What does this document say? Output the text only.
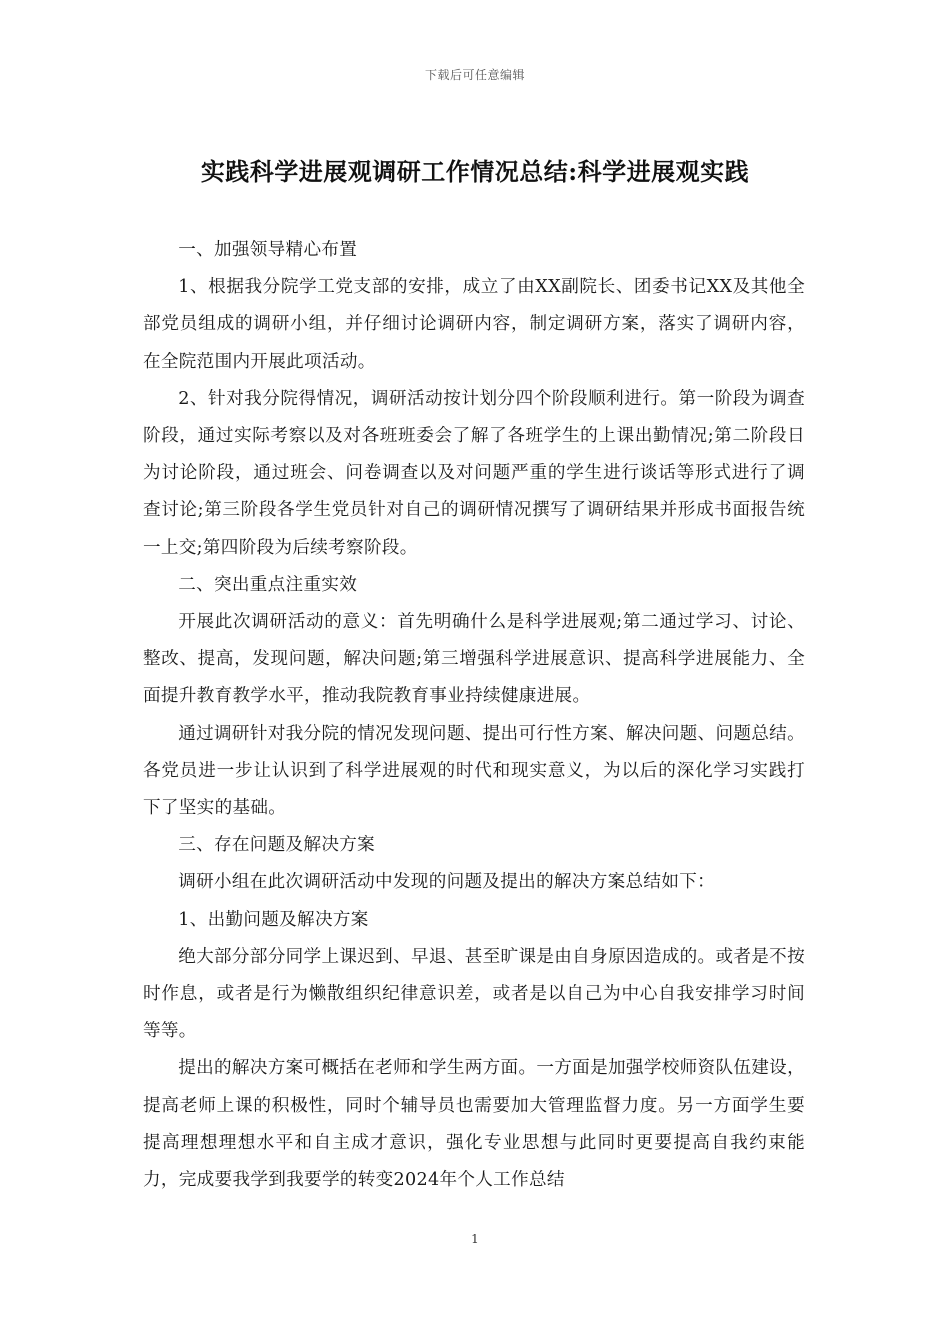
下载后可任意编辑
实践科学进展观调研工作情况总结:科学进展观实践

一、加强领导精心布置

1、根据我分院学工党支部的安排，成立了由XX副院长、团委书记XX及其他全部党员组成的调研小组，并仔细讨论调研内容，制定调研方案，落实了调研内容，在全院范围内开展此项活动。

2、针对我分院得情况，调研活动按计划分四个阶段顺利进行。第一阶段为调查阶段，通过实际考察以及对各班班委会了解了各班学生的上课出勤情况;第二阶段日为讨论阶段，通过班会、问卷调查以及对问题严重的学生进行谈话等形式进行了调查讨论;第三阶段各学生党员针对自己的调研情况撰写了调研结果并形成书面报告统一上交;第四阶段为后续考察阶段。

二、突出重点注重实效

开展此次调研活动的意义：首先明确什么是科学进展观;第二通过学习、讨论、整改、提高，发现问题，解决问题;第三增强科学进展意识、提高科学进展能力、全面提升教育教学水平，推动我院教育事业持续健康进展。

通过调研针对我分院的情况发现问题、提出可行性方案、解决问题、问题总结。各党员进一步让认识到了科学进展观的时代和现实意义，为以后的深化学习实践打下了坚实的基础。

三、存在问题及解决方案

调研小组在此次调研活动中发现的问题及提出的解决方案总结如下：

1、出勤问题及解决方案

绝大部分部分同学上课迟到、早退、甚至旷课是由自身原因造成的。或者是不按时作息，或者是行为懒散组织纪律意识差，或者是以自己为中心自我安排学习时间等等。

提出的解决方案可概括在老师和学生两方面。一方面是加强学校师资队伍建设，提高老师上课的积极性，同时个辅导员也需要加大管理监督力度。另一方面学生要提高理想理想水平和自主成才意识，强化专业思想与此同时更要提高自我约束能力，完成要我学到我要学的转变2024年个人工作总结

1
